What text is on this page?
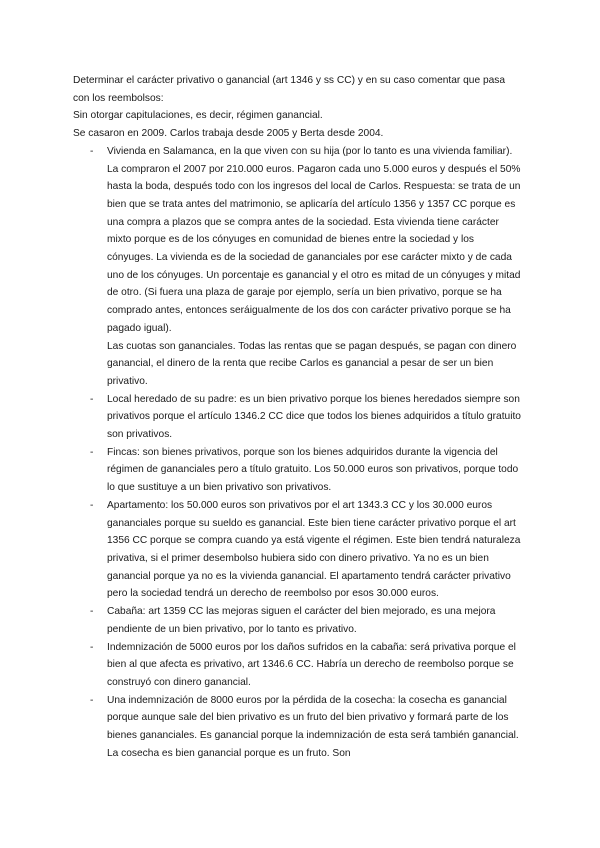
Determinar el carácter privativo o ganancial (art 1346 y ss CC) y en su caso comentar que pasa con los reembolsos:

Sin otorgar capitulaciones, es decir, régimen ganancial.

Se casaron en 2009. Carlos trabaja desde 2005 y Berta desde 2004.

- Vivienda en Salamanca, en la que viven con su hija (por lo tanto es una vivienda familiar). La compraron el 2007 por 210.000 euros. Pagaron cada uno 5.000 euros y después el 50% hasta la boda, después todo con los ingresos del local de Carlos. Respuesta: se trata de un bien que se trata antes del matrimonio, se aplicaría del artículo 1356 y 1357 CC porque es una compra a plazos que se compra antes de la sociedad. Esta vivienda tiene carácter mixto porque es de los cónyuges en comunidad de bienes entre la sociedad y los cónyuges. La vivienda es de la sociedad de gananciales por ese carácter mixto y de cada uno de los cónyuges. Un porcentaje es ganancial y el otro es mitad de un cónyuges y mitad de otro. (Si fuera una plaza de garaje por ejemplo, sería un bien privativo, porque se ha comprado antes, entonces seráigualmente de los dos con carácter privativo porque se ha pagado igual).

Las cuotas son gananciales. Todas las rentas que se pagan después, se pagan con dinero ganancial, el dinero de la renta que recibe Carlos es ganancial a pesar de ser un bien privativo.

- Local heredado de su padre: es un bien privativo porque los bienes heredados siempre son privativos porque el artículo 1346.2 CC dice que todos los bienes adquiridos a título gratuito son privativos.

- Fincas: son bienes privativos, porque son los bienes adquiridos durante la vigencia del régimen de gananciales pero a título gratuito. Los 50.000 euros son privativos, porque todo lo que sustituye a un bien privativo son privativos.

- Apartamento: los 50.000 euros son privativos por el art 1343.3 CC y los 30.000 euros gananciales porque su sueldo es ganancial. Este bien tiene carácter privativo porque el art 1356 CC porque se compra cuando ya está vigente el régimen. Este bien tendrá naturaleza privativa, si el primer desembolso hubiera sido con dinero privativo. Ya no es un bien ganancial porque ya no es la vivienda ganancial. El apartamento tendrá carácter privativo pero la sociedad tendrá un derecho de reembolso por esos 30.000 euros.

- Cabaña: art 1359 CC las mejoras siguen el carácter del bien mejorado, es una mejora pendiente de un bien privativo, por lo tanto es privativo.

- Indemnización de 5000 euros por los daños sufridos en la cabaña: será privativa porque el bien al que afecta es privativo, art 1346.6 CC. Habría un derecho de reembolso porque se construyó con dinero ganancial.

- Una indemnización de 8000 euros por la pérdida de la cosecha: la cosecha es ganancial porque aunque sale del bien privativo es un fruto del bien privativo y formará parte de los bienes gananciales. Es ganancial porque la indemnización de esta será también ganancial. La cosecha es bien ganancial porque es un fruto. Son
